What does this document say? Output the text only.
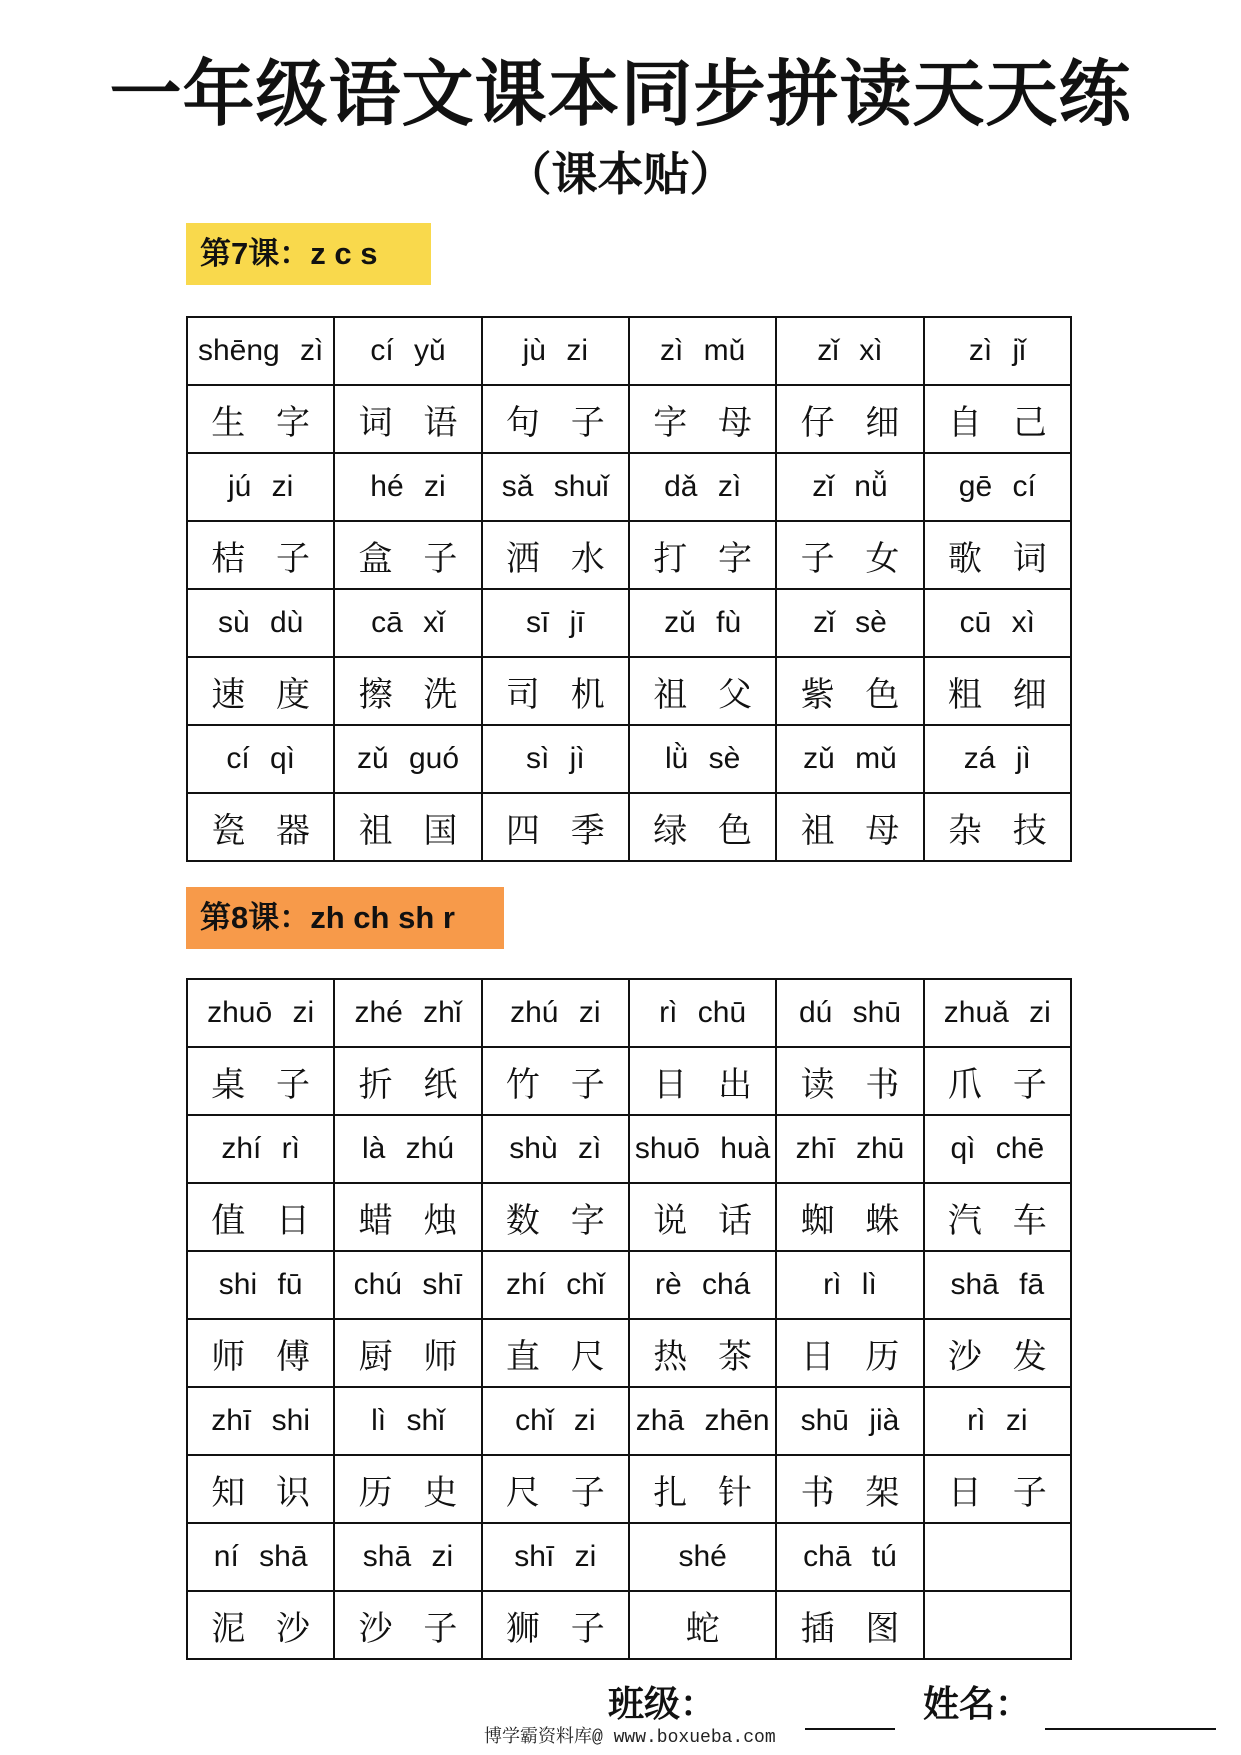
一年级语文课本同步拼读天天练
（课本贴）
第7课：z c s
shēng zì	cí yǔ	jù zi	zì mǔ	zǐ xì	zì jǐ
生 字	词 语	句 子	字 母	仔 细	自 己
jú zi	hé zi	sǎ shuǐ	dǎ zì	zǐ nǚ	gē cí
桔 子	盒 子	洒 水	打 字	子 女	歌 词
sù dù	cā xǐ	sī jī	zǔ fù	zǐ sè	cū xì
速 度	擦 洗	司 机	祖 父	紫 色	粗 细
cí qì	zǔ guó	sì jì	lǜ sè	zǔ mǔ	zá jì
瓷 器	祖 国	四 季	绿 色	祖 母	杂 技
第8课：zh ch sh r
zhuō zi	zhé zhǐ	zhú zi	rì chū	dú shū	zhuǎ zi
桌 子	折 纸	竹 子	日 出	读 书	爪 子
zhí rì	là zhú	shù zì	shuō huà	zhī zhū	qì chē
值 日	蜡 烛	数 字	说 话	蜘 蛛	汽 车
shi fū	chú shī	zhí chǐ	rè chá	rì lì	shā fā
师 傅	厨 师	直 尺	热 茶	日 历	沙 发
zhī shi	lì shǐ	chǐ zi	zhā zhēn	shū jià	rì zi
知 识	历 史	尺 子	扎 针	书 架	日 子
ní shā	shā zi	shī zi	shé	chā tú	
泥 沙	沙 子	狮 子	蛇	插 图	
班级：	姓名：
博学霸资料库@ www.boxueba.com
